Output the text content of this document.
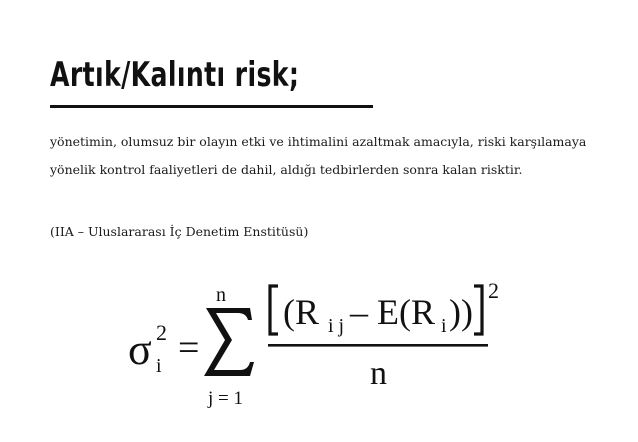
Artık/Kalıntı risk;

yönetimin, olumsuz bir olayın etki ve ihtimalini azaltmak amacıyla, riski karşılamaya yönelik kontrol faaliyetleri de dahil, aldığı tedbirlerden sonra kalan risktir.

(IIA – Uluslararası İç Denetim Enstitüsü)
σ 2
i =
n
j = 1
(R i j – E(R i ))
2
n
